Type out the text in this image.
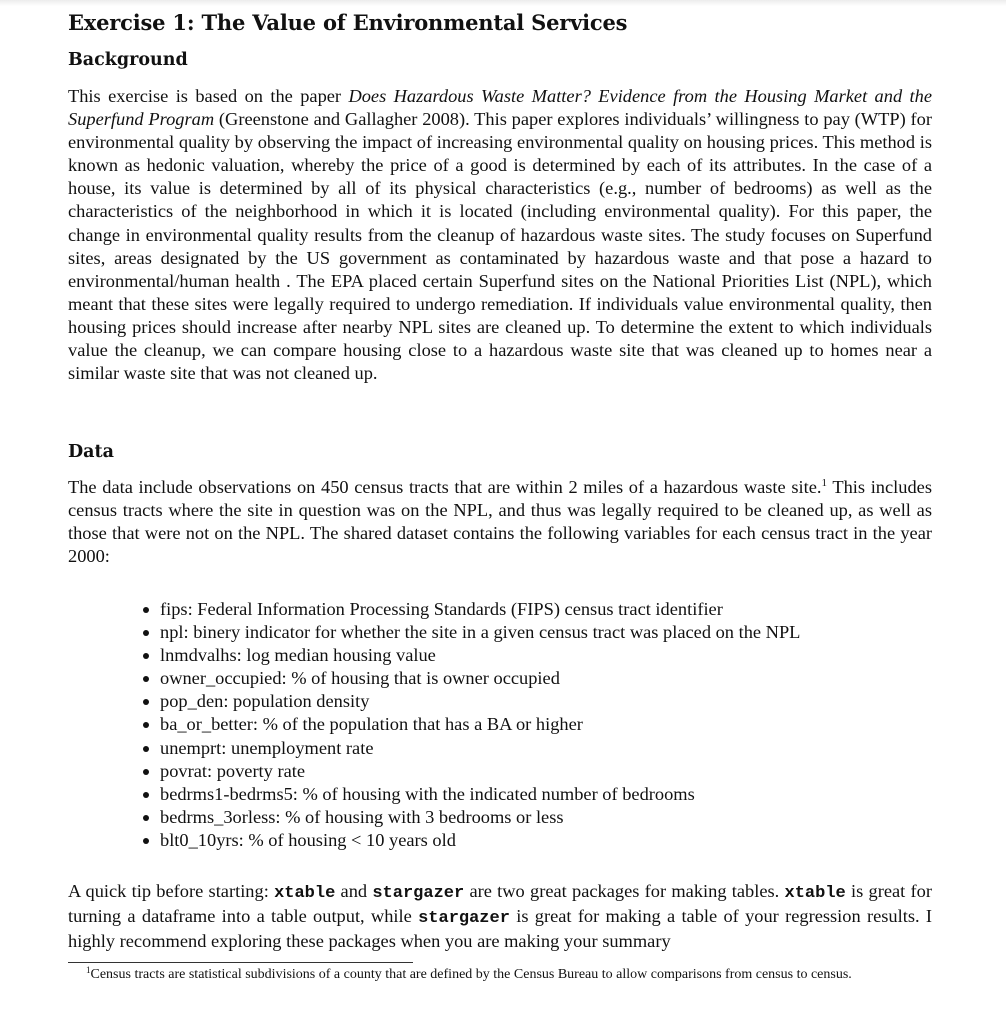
Exercise 1: The Value of Environmental Services
Background

This exercise is based on the paper Does Hazardous Waste Matter? Evidence from the Housing Market and the Superfund Program (Greenstone and Gallagher 2008). This paper explores individuals’ willingness to pay (WTP) for environmental quality by observing the impact of increasing environmental quality on housing prices. This method is known as hedonic valuation, whereby the price of a good is determined by each of its attributes. In the case of a house, its value is determined by all of its physical characteristics (e.g., number of bedrooms) as well as the characteristics of the neighborhood in which it is located (including environmental quality). For this paper, the change in environmental quality results from the cleanup of hazardous waste sites. The study focuses on Superfund sites, areas designated by the US government as contaminated by hazardous waste and that pose a hazard to environmental/human health . The EPA placed certain Superfund sites on the National Priorities List (NPL), which meant that these sites were legally required to undergo remediation. If individuals value environmental quality, then housing prices should increase after nearby NPL sites are cleaned up. To determine the extent to which individuals value the cleanup, we can compare housing close to a hazardous waste site that was cleaned up to homes near a similar waste site that was not cleaned up.

Data

The data include observations on 450 census tracts that are within 2 miles of a hazardous waste site.$^1$ This includes census tracts where the site in question was on the NPL, and thus was legally required to be cleaned up, as well as those that were not on the NPL. The shared dataset contains the following variables for each census tract in the year 2000:

fips: Federal Information Processing Standards (FIPS) census tract identifier
npl: binery indicator for whether the site in a given census tract was placed on the NPL
lnmdvalhs: log median housing value
owner_occupied: % of housing that is owner occupied
pop_den: population density
ba_or_better: % of the population that has a BA or higher
unemprt: unemployment rate
povrat: poverty rate
bedrms1-bedrms5: % of housing with the indicated number of bedrooms
bedrms_3orless: % of housing with 3 bedrooms or less
blt0_10yrs: % of housing < 10 years old

A quick tip before starting: xtable and stargazer are two great packages for making tables. xtable is great for turning a dataframe into a table output, while stargazer is great for making a table of your regression results. I highly recommend exploring these packages when you are making your summary

$^1$Census tracts are statistical subdivisions of a county that are defined by the Census Bureau to allow comparisons from census to census.
